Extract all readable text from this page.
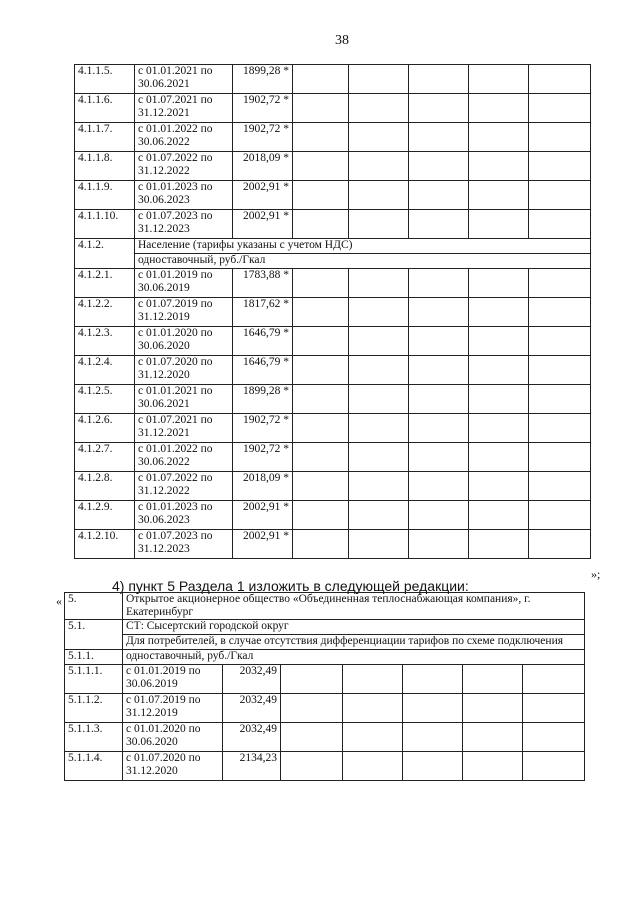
38
4.1.1.5.	с 01.01.2021 по 30.06.2021	1899,28 *					
4.1.1.6.	с 01.07.2021 по 31.12.2021	1902,72 *					
4.1.1.7.	с 01.01.2022 по 30.06.2022	1902,72 *					
4.1.1.8.	с 01.07.2022 по 31.12.2022	2018,09 *					
4.1.1.9.	с 01.01.2023 по 30.06.2023	2002,91 *					
4.1.1.10.	с 01.07.2023 по 31.12.2023	2002,91 *					
4.1.2.	Население (тарифы указаны с учетом НДС)						
	одноставочный, руб./Гкал						
4.1.2.1.	с 01.01.2019 по 30.06.2019	1783,88 *					
4.1.2.2.	с 01.07.2019 по 31.12.2019	1817,62 *					
4.1.2.3.	с 01.01.2020 по 30.06.2020	1646,79 *					
4.1.2.4.	с 01.07.2020 по 31.12.2020	1646,79 *					
4.1.2.5.	с 01.01.2021 по 30.06.2021	1899,28 *					
4.1.2.6.	с 01.07.2021 по 31.12.2021	1902,72 *					
4.1.2.7.	с 01.01.2022 по 30.06.2022	1902,72 *					
4.1.2.8.	с 01.07.2022 по 31.12.2022	2018,09 *					
4.1.2.9.	с 01.01.2023 по 30.06.2023	2002,91 *					
4.1.2.10.	с 01.07.2023 по 31.12.2023	2002,91 *					
»;
4) пункт 5 Раздела 1 изложить в следующей редакции:
« 5.	Открытое акционерное общество «Объединенная теплоснабжающая компания», г. Екатеринбург						
5.1.	СТ: Сысертский городской округ						
	Для потребителей, в случае отсутствия дифференциации тарифов по схеме подключения						
5.1.1.	одноставочный, руб./Гкал						
5.1.1.1.	с 01.01.2019 по 30.06.2019	2032,49					
5.1.1.2.	с 01.07.2019 по 31.12.2019	2032,49					
5.1.1.3.	с 01.01.2020 по 30.06.2020	2032,49					
5.1.1.4.	с 01.07.2020 по 31.12.2020	2134,23					
